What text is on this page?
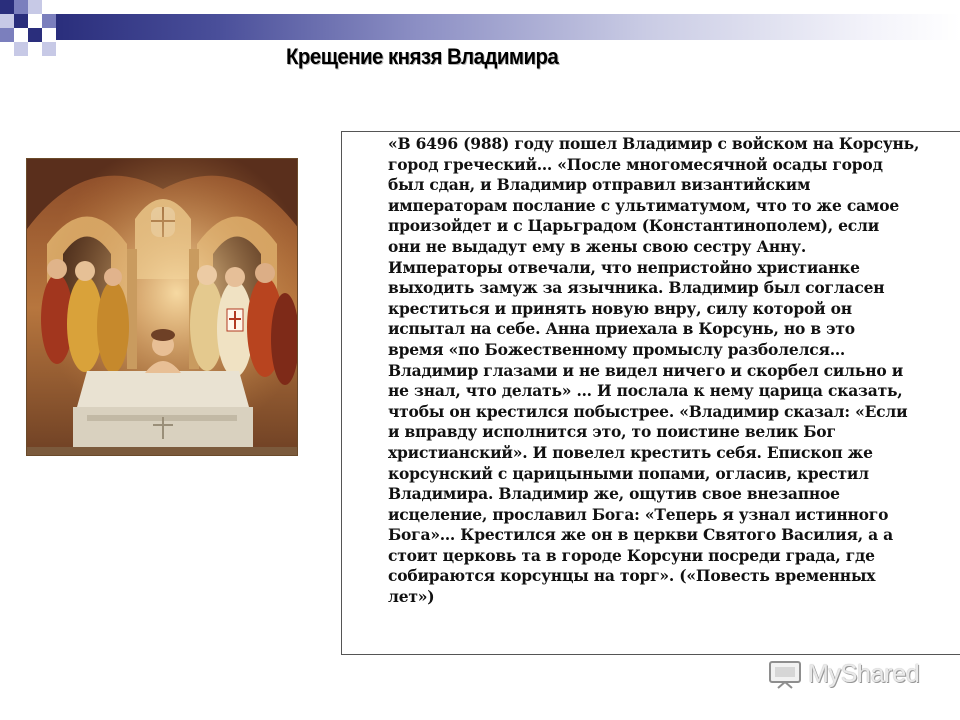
Крещение князя Владимира

«В 6496 (988) году пошел Владимир с войском на Корсунь,
город греческий… «После многомесячной осады город
был сдан, и Владимир отправил византийским
императорам послание с ультиматумом, что то же самое
произойдет и с Царьградом (Константинополем), если
они не выдадут ему в жены свою сестру Анну.
Императоры отвечали, что непристойно христианке
выходить замуж за язычника. Владимир был согласен
креститься и принять новую внру, силу которой он
испытал на себе. Анна приехала в Корсунь, но в это
время «по Божественному промыслу разболелся…
Владимир глазами и не видел ничего и скорбел сильно и
не знал, что делать» … И послала к нему царица сказать,
чтобы он крестился побыстрее. «Владимир сказал: «Если
и вправду исполнится это, то поистине велик Бог
христианский». И повелел крестить себя. Епископ же
корсунский с царицыными попами, огласив, крестил
Владимира. Владимир же, ощутив свое внезапное
исцеление, прославил Бога: «Теперь я узнал истинного
Бога»… Крестился же он в церкви Святого Василия, а а
стоит церковь та в городе Корсуни посреди града, где
собираются корсунцы на торг». («Повесть временных
лет»)

MyShared
